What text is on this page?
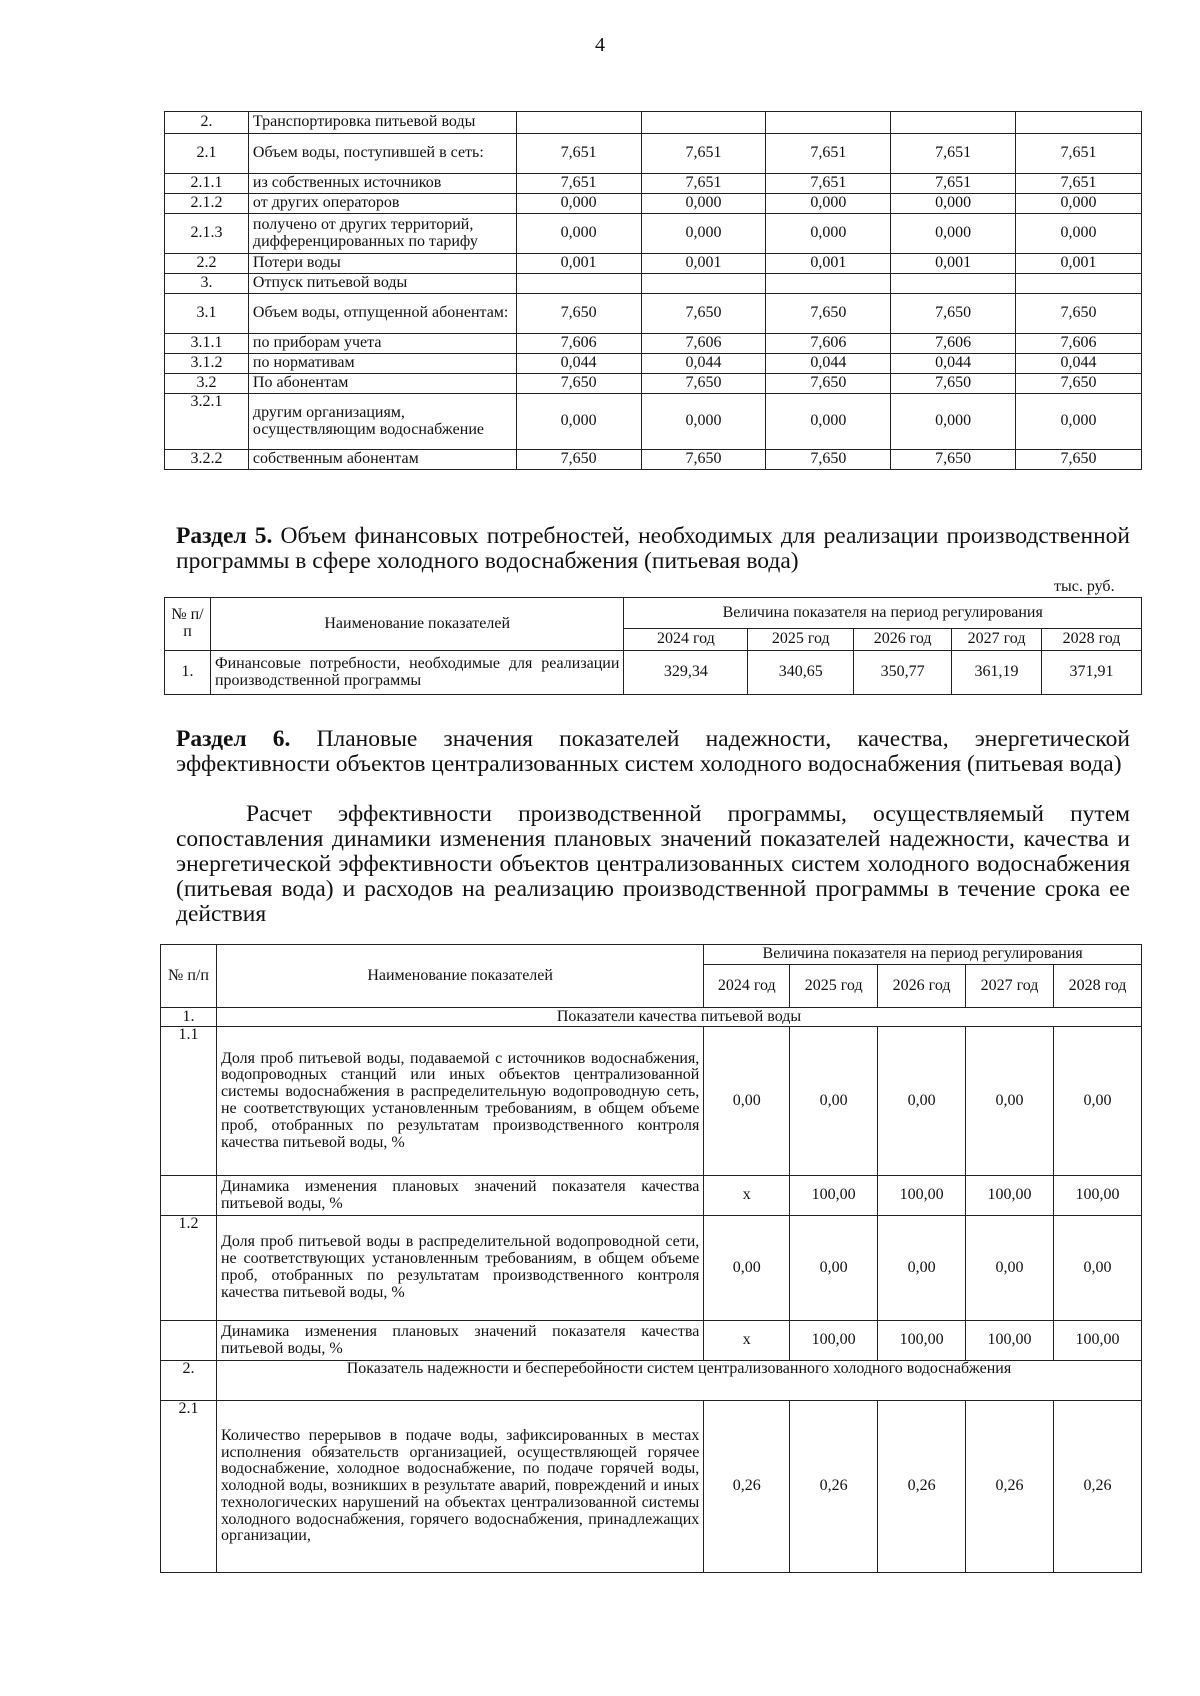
4
2.	Транспортировка питьевой воды					
2.1	Объем воды, поступившей в сеть:	7,651	7,651	7,651	7,651	7,651
2.1.1	из собственных источников	7,651	7,651	7,651	7,651	7,651
2.1.2	от других операторов	0,000	0,000	0,000	0,000	0,000
2.1.3	получено от других территорий, дифференцированных по тарифу	0,000	0,000	0,000	0,000	0,000
2.2	Потери воды	0,001	0,001	0,001	0,001	0,001
3.	Отпуск питьевой воды					
3.1	Объем воды, отпущенной абонентам:	7,650	7,650	7,650	7,650	7,650
3.1.1	по приборам учета	7,606	7,606	7,606	7,606	7,606
3.1.2	по нормативам	0,044	0,044	0,044	0,044	0,044
3.2	По абонентам	7,650	7,650	7,650	7,650	7,650
3.2.1	другим организациям, осуществляющим водоснабжение	0,000	0,000	0,000	0,000	0,000
3.2.2	собственным абонентам	7,650	7,650	7,650	7,650	7,650
Раздел 5. Объем финансовых потребностей, необходимых для реализации производственной программы в сфере холодного водоснабжения (питьевая вода)
тыс. руб.
№ п/п	Наименование показателей	Величина показателя на период регулирования				
		2024 год	2025 год	2026 год	2027 год	2028 год
1.	Финансовые потребности, необходимые для реализации производственной программы	329,34	340,65	350,77	361,19	371,91
Раздел 6. Плановые значения показателей надежности, качества, энергетической эффективности объектов централизованных систем холодного водоснабжения (питьевая вода)
Расчет эффективности производственной программы, осуществляемый путем сопоставления динамики изменения плановых значений показателей надежности, качества и энергетической эффективности объектов централизованных систем холодного водоснабжения (питьевая вода) и расходов на реализацию производственной программы в течение срока ее действия
№ п/п	Наименование показателей	Величина показателя на период регулирования				
		2024 год	2025 год	2026 год	2027 год	2028 год
1.	Показатели качества питьевой воды					
1.1	Доля проб питьевой воды, подаваемой с источников водоснабжения, водопроводных станций или иных объектов централизованной системы водоснабжения в распределительную водопроводную сеть, не соответствующих установленным требованиям, в общем объеме проб, отобранных по результатам производственного контроля качества питьевой воды, %	0,00	0,00	0,00	0,00	0,00
	Динамика изменения плановых значений показателя качества питьевой воды, %	х	100,00	100,00	100,00	100,00
1.2	Доля проб питьевой воды в распределительной водопроводной сети, не соответствующих установленным требованиям, в общем объеме проб, отобранных по результатам производственного контроля качества питьевой воды, %	0,00	0,00	0,00	0,00	0,00
	Динамика изменения плановых значений показателя качества питьевой воды, %	х	100,00	100,00	100,00	100,00
2.	Показатель надежности и бесперебойности систем централизованного холодного водоснабжения					
2.1	Количество перерывов в подаче воды, зафиксированных в местах исполнения обязательств организацией, осуществляющей горячее водоснабжение, холодное водоснабжение, по подаче горячей воды, холодной воды, возникших в результате аварий, повреждений и иных технологических нарушений на объектах централизованной системы холодного водоснабжения, горячего водоснабжения, принадлежащих организации,	0,26	0,26	0,26	0,26	0,26
